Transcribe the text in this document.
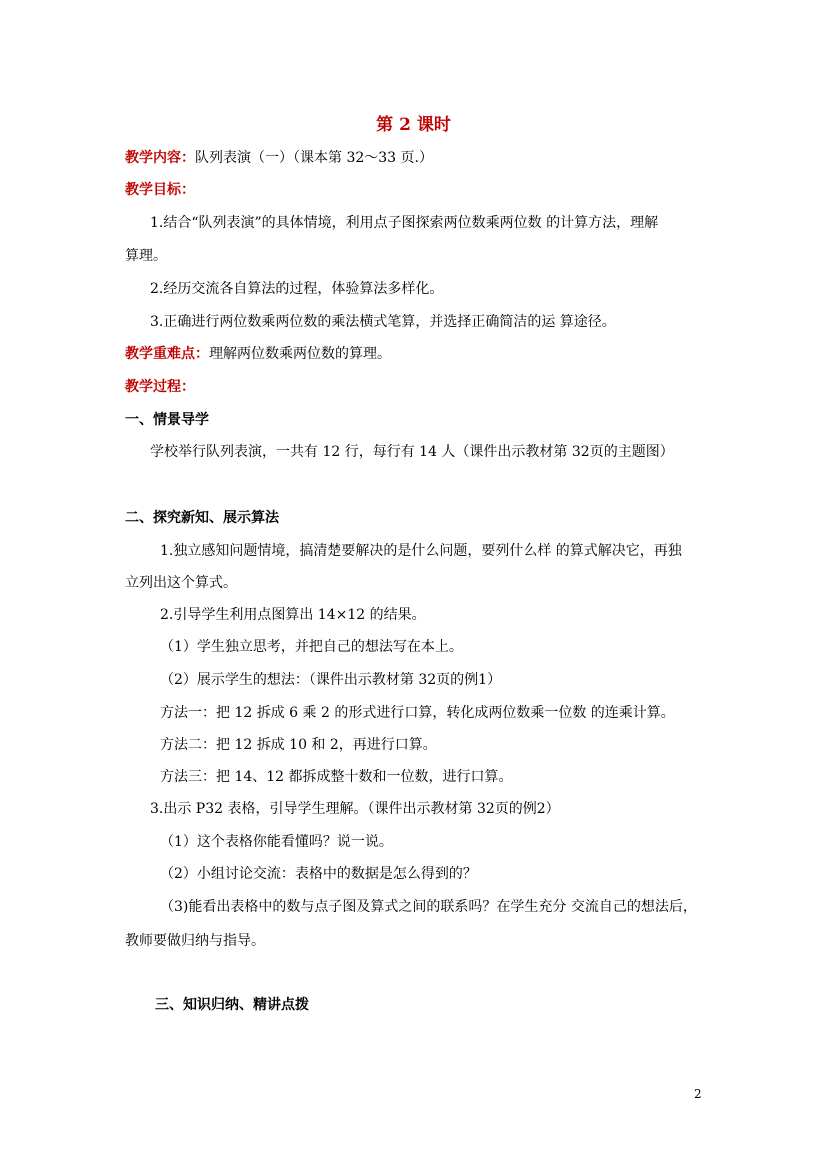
第 2 课时
教学内容：队列表演（一）（课本第 32～33 页.）
教学目标：
1.结合“队列表演”的具体情境，利用点子图探索两位数乘两位数 的计算方法，理解
算理。
2.经历交流各自算法的过程，体验算法多样化。
3.正确进行两位数乘两位数的乘法横式笔算，并选择正确简洁的运 算途径。
教学重难点：理解两位数乘两位数的算理。
教学过程：
一、情景导学
学校举行队列表演，一共有 12 行，每行有 14 人（课件出示教材第 32页的主题图）
二、探究新知、展示算法
1.独立感知问题情境，搞清楚要解决的是什么问题，要列什么样 的算式解决它，再独
立列出这个算式。
2.引导学生利用点图算出 14×12 的结果。
（1）学生独立思考，并把自己的想法写在本上。
（2）展示学生的想法：（课件出示教材第 32页的例1）
方法一：把 12 拆成 6 乘 2 的形式进行口算，转化成两位数乘一位数 的连乘计算。
方法二：把 12 拆成 10 和 2，再进行口算。
方法三：把 14、12 都拆成整十数和一位数，进行口算。
3.出示 P32 表格，引导学生理解。（课件出示教材第 32页的例2）
（1）这个表格你能看懂吗？说一说。
（2）小组讨论交流：表格中的数据是怎么得到的？
（3)能看出表格中的数与点子图及算式之间的联系吗？在学生充分 交流自己的想法后，
教师要做归纳与指导。
三、知识归纳、精讲点拨
2
